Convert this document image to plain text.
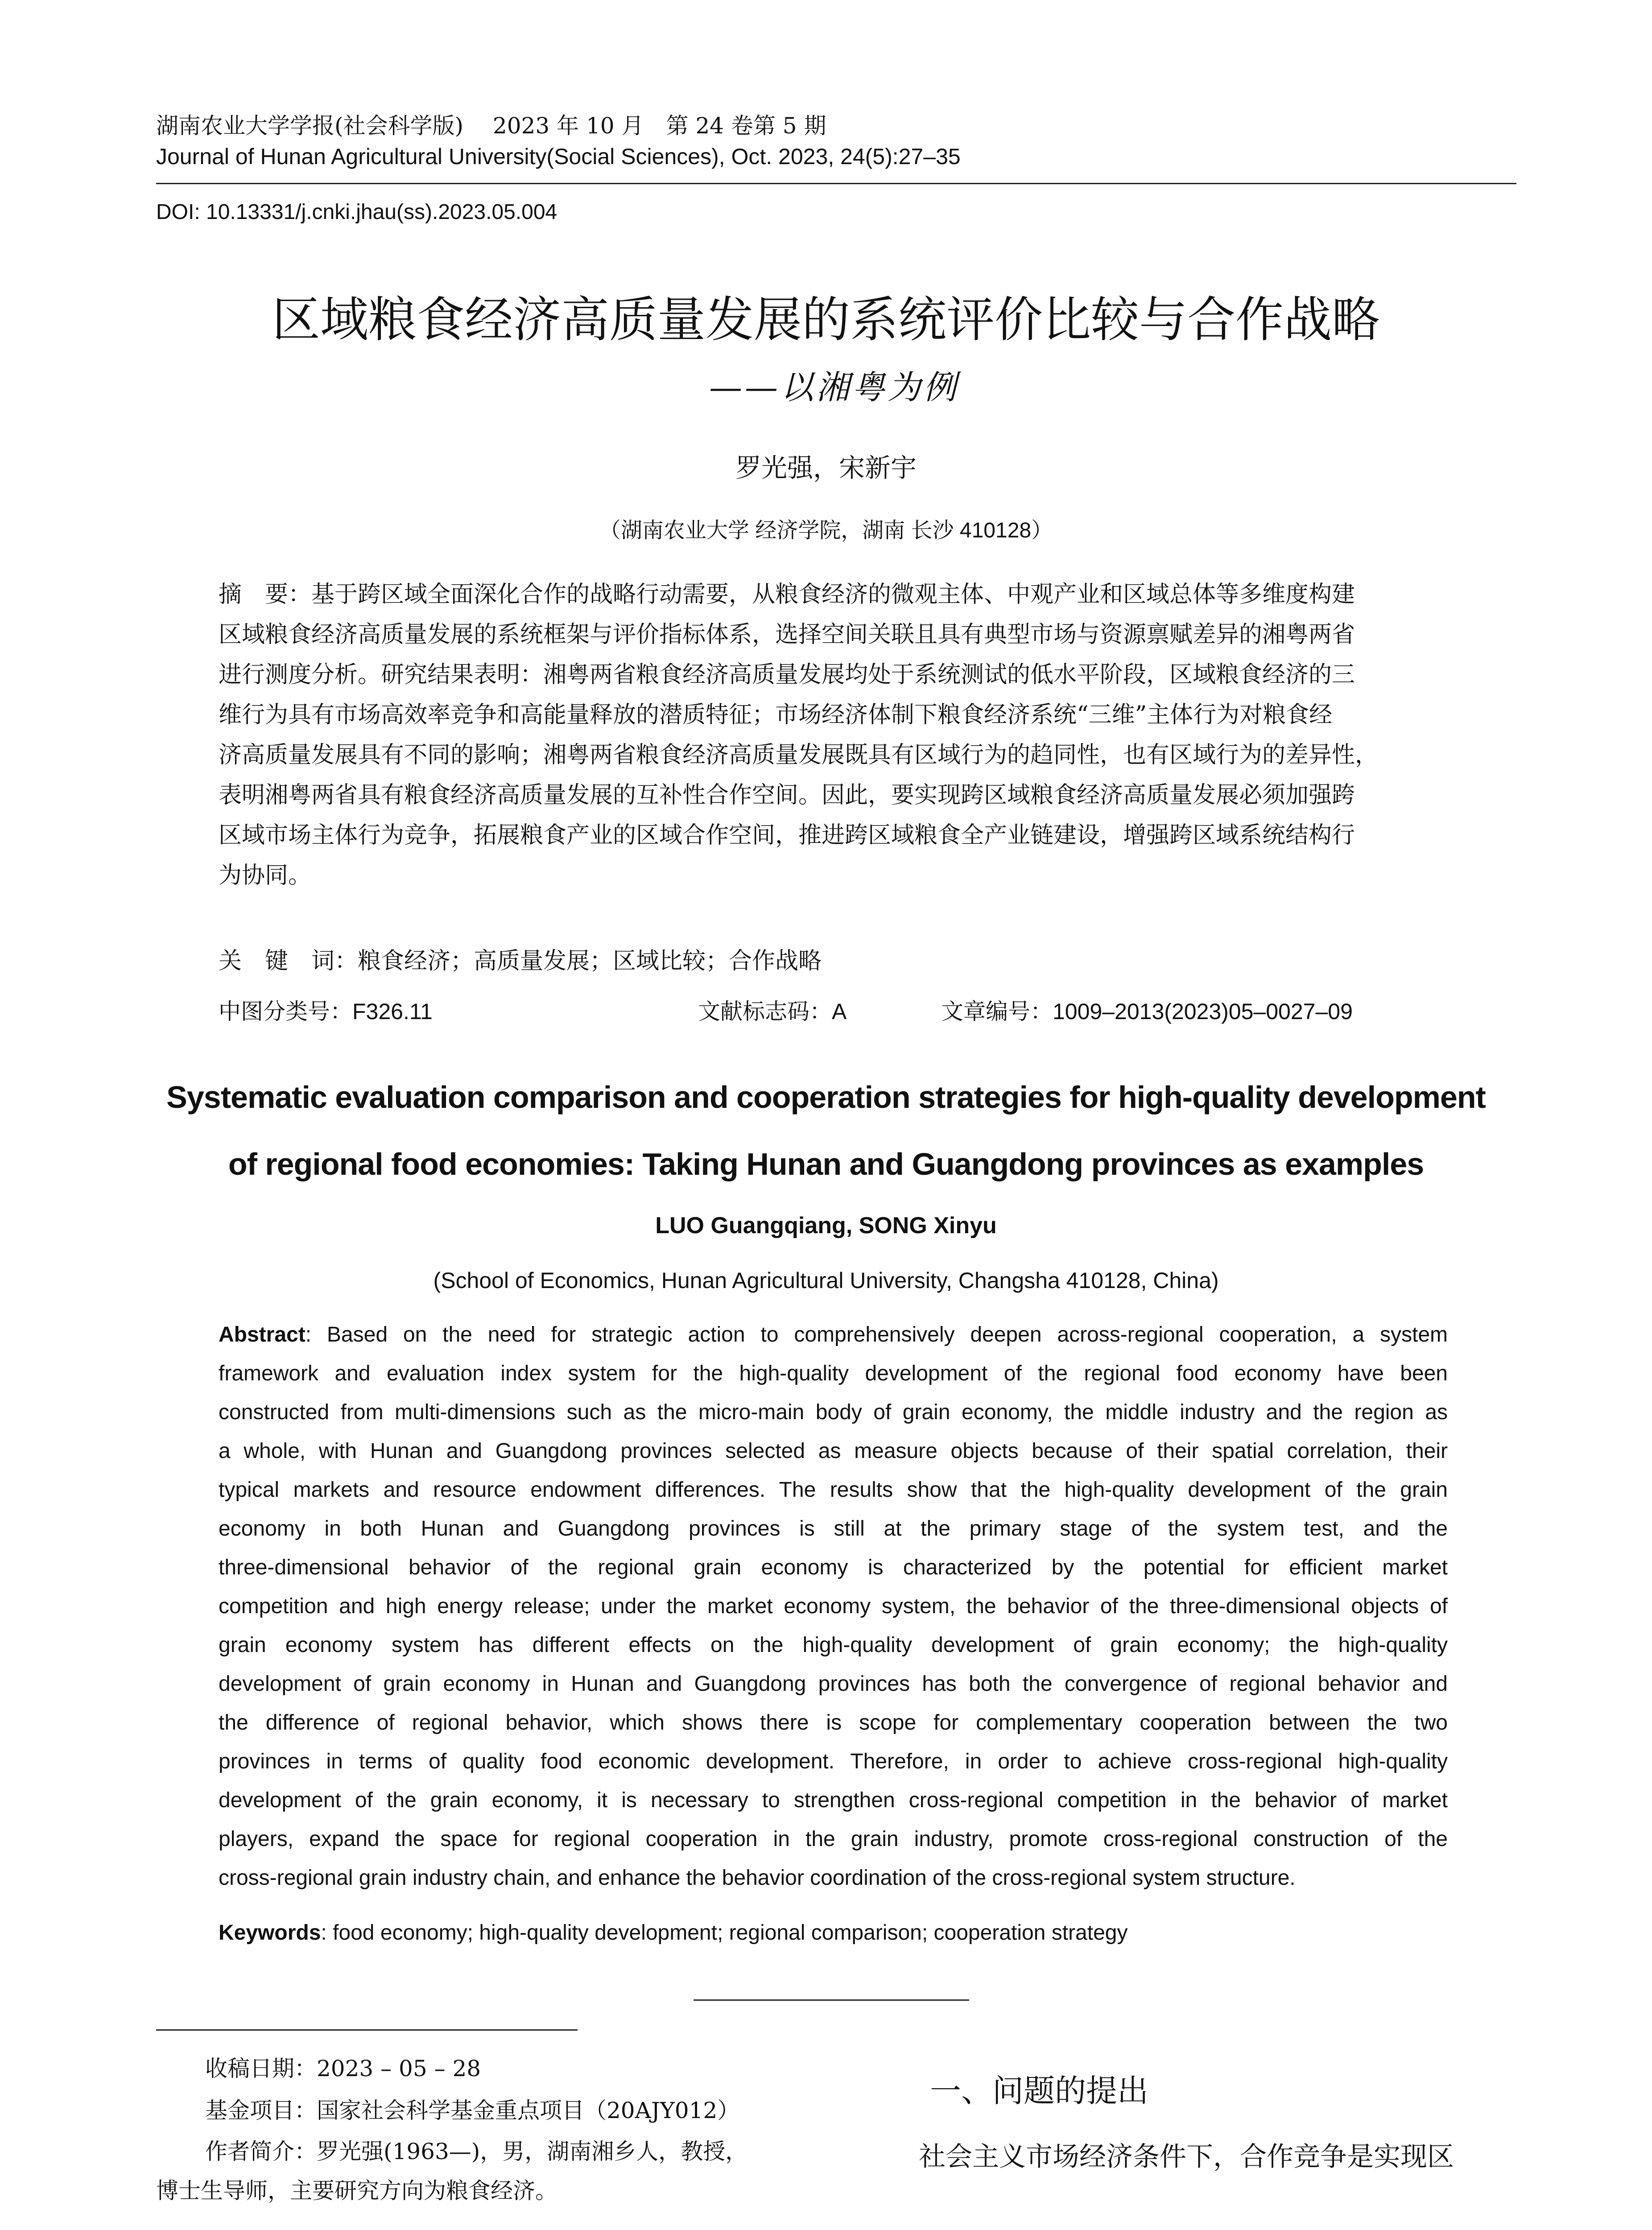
湖南农业大学学报(社会科学版)　 2023 年 10 月　第 24 卷第 5 期
Journal of Hunan Agricultural University(Social Sciences), Oct. 2023, 24(5):27–35
DOI: 10.13331/j.cnki.jhau(ss).2023.05.004
区域粮食经济高质量发展的系统评价比较与合作战略
——以湘粤为例
罗光强，宋新宇
（湖南农业大学 经济学院，湖南 长沙 410128）
摘　要：基于跨区域全面深化合作的战略行动需要，从粮食经济的微观主体、中观产业和区域总体等多维度构建
区域粮食经济高质量发展的系统框架与评价指标体系，选择空间关联且具有典型市场与资源禀赋差异的湘粤两省
进行测度分析。研究结果表明：湘粤两省粮食经济高质量发展均处于系统测试的低水平阶段，区域粮食经济的三
维行为具有市场高效率竞争和高能量释放的潜质特征；市场经济体制下粮食经济系统“三维”主体行为对粮食经
济高质量发展具有不同的影响；湘粤两省粮食经济高质量发展既具有区域行为的趋同性，也有区域行为的差异性，
表明湘粤两省具有粮食经济高质量发展的互补性合作空间。因此，要实现跨区域粮食经济高质量发展必须加强跨
区域市场主体行为竞争，拓展粮食产业的区域合作空间，推进跨区域粮食全产业链建设，增强跨区域系统结构行
为协同。
关　键　词：粮食经济；高质量发展；区域比较；合作战略
中图分类号：F326.11	文献标志码：A	文章编号：1009–2013(2023)05–0027–09
Systematic evaluation comparison and cooperation strategies for high-quality development
of regional food economies: Taking Hunan and Guangdong provinces as examples
LUO Guangqiang, SONG Xinyu
(School of Economics, Hunan Agricultural University, Changsha 410128, China)
Abstract: Based on the need for strategic action to comprehensively deepen across-regional cooperation, a system
framework and evaluation index system for the high-quality development of the regional food economy have been
constructed from multi-dimensions such as the micro-main body of grain economy, the middle industry and the region as
a whole, with Hunan and Guangdong provinces selected as measure objects because of their spatial correlation, their
typical markets and resource endowment differences. The results show that the high-quality development of the grain
economy in both Hunan and Guangdong provinces is still at the primary stage of the system test, and the
three-dimensional behavior of the regional grain economy is characterized by the potential for efficient market
competition and high energy release; under the market economy system, the behavior of the three-dimensional objects of
grain economy system has different effects on the high-quality development of grain economy; the high-quality
development of grain economy in Hunan and Guangdong provinces has both the convergence of regional behavior and
the difference of regional behavior, which shows there is scope for complementary cooperation between the two
provinces in terms of quality food economic development. Therefore, in order to achieve cross-regional high-quality
development of the grain economy, it is necessary to strengthen cross-regional competition in the behavior of market
players, expand the space for regional cooperation in the grain industry, promote cross-regional construction of the
cross-regional grain industry chain, and enhance the behavior coordination of the cross-regional system structure.
Keywords: food economy; high-quality development; regional comparison; cooperation strategy
收稿日期：2023 – 05 – 28
基金项目：国家社会科学基金重点项目（20AJY012）
作者简介：罗光强(1963—)，男，湖南湘乡人，教授，
博士生导师，主要研究方向为粮食经济。
一、问题的提出
社会主义市场经济条件下，合作竞争是实现区
